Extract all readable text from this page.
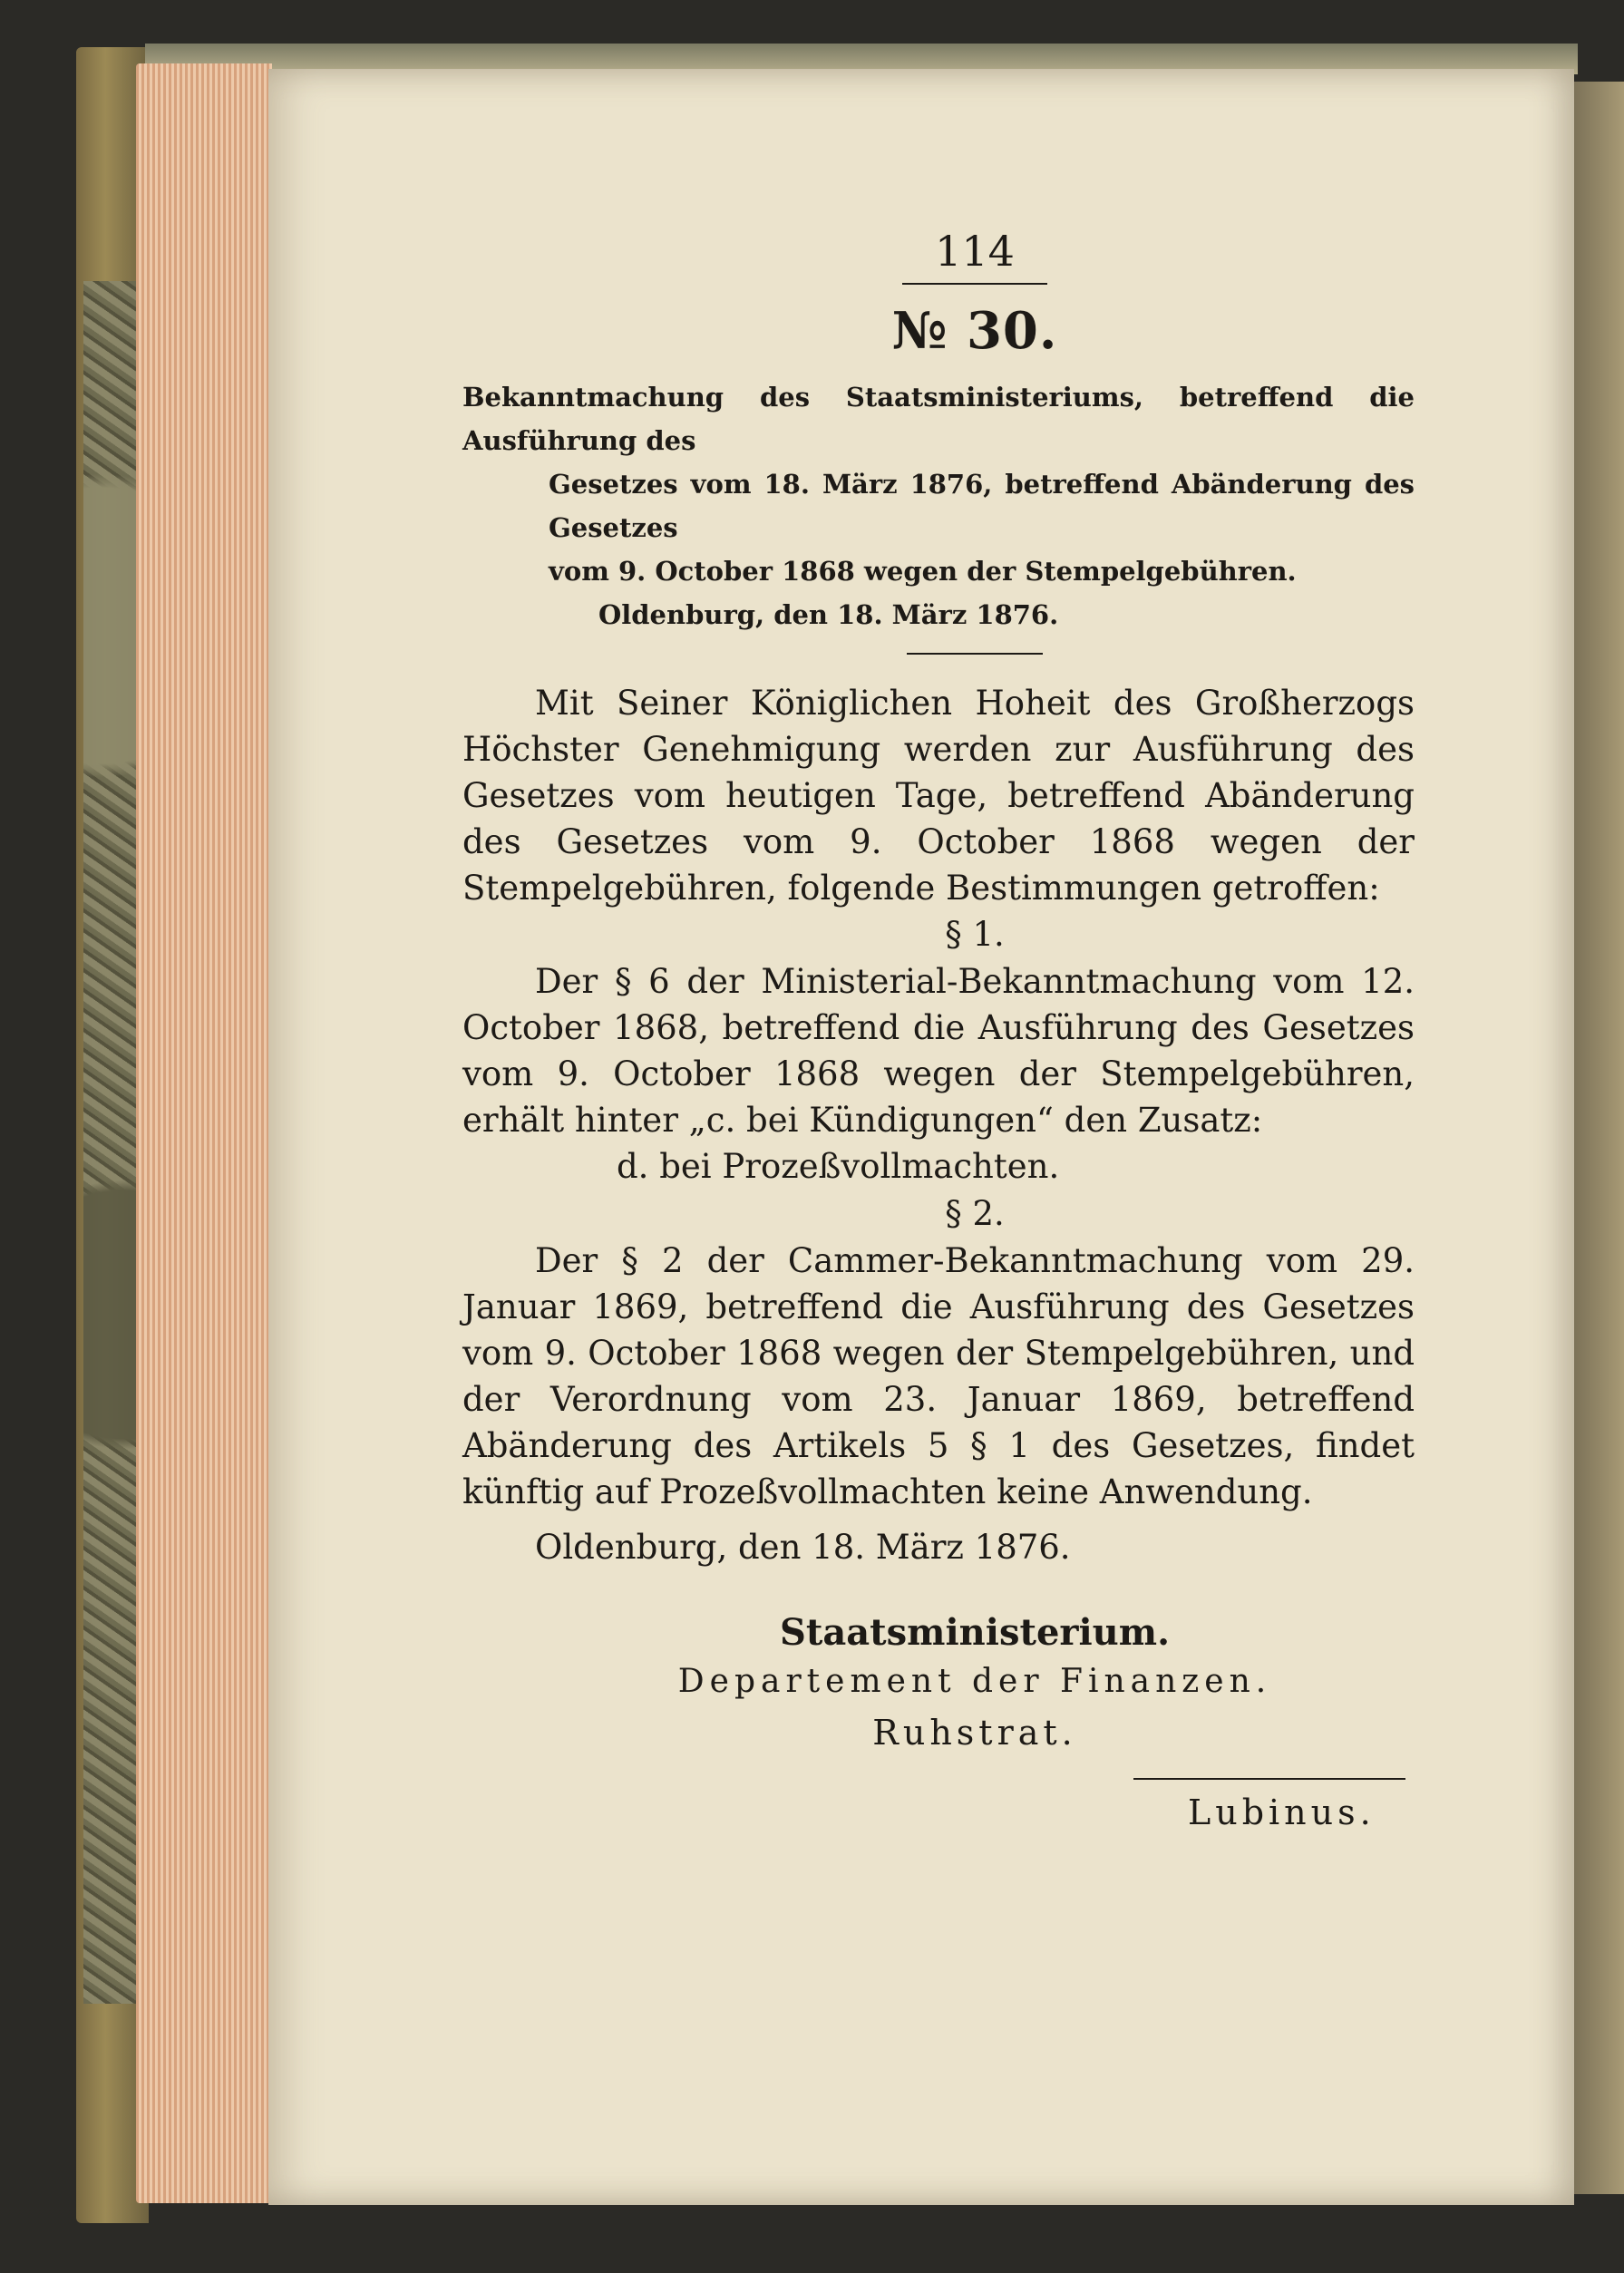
114
№ 30.
Bekanntmachung des Staatsministeriums, betreffend die Ausführung des
Gesetzes vom 18. März 1876, betreffend Abänderung des Gesetzes
vom 9. October 1868 wegen der Stempelgebühren.
Oldenburg, den 18. März 1876.

Mit Seiner Königlichen Hoheit des Großherzogs Höchster Genehmigung werden zur Ausführung des Gesetzes vom heutigen Tage, betreffend Abänderung des Gesetzes vom 9. October 1868 wegen der Stempelgebühren, folgende Bestimmungen getroffen:

§ 1.

Der § 6 der Ministerial-Bekanntmachung vom 12. October 1868, betreffend die Ausführung des Gesetzes vom 9. October 1868 wegen der Stempelgebühren, erhält hinter „c. bei Kündigungen“ den Zusatz:

d. bei Prozeßvollmachten.
§ 2.

Der § 2 der Cammer-Bekanntmachung vom 29. Januar 1869, betreffend die Ausführung des Gesetzes vom 9. October 1868 wegen der Stempelgebühren, und der Verordnung vom 23. Januar 1869, betreffend Abänderung des Artikels 5 § 1 des Gesetzes, findet künftig auf Prozeßvollmachten keine Anwendung.

Oldenburg, den 18. März 1876.
Staatsministerium.
Departement der Finanzen.
Ruhstrat.
Lubinus.
